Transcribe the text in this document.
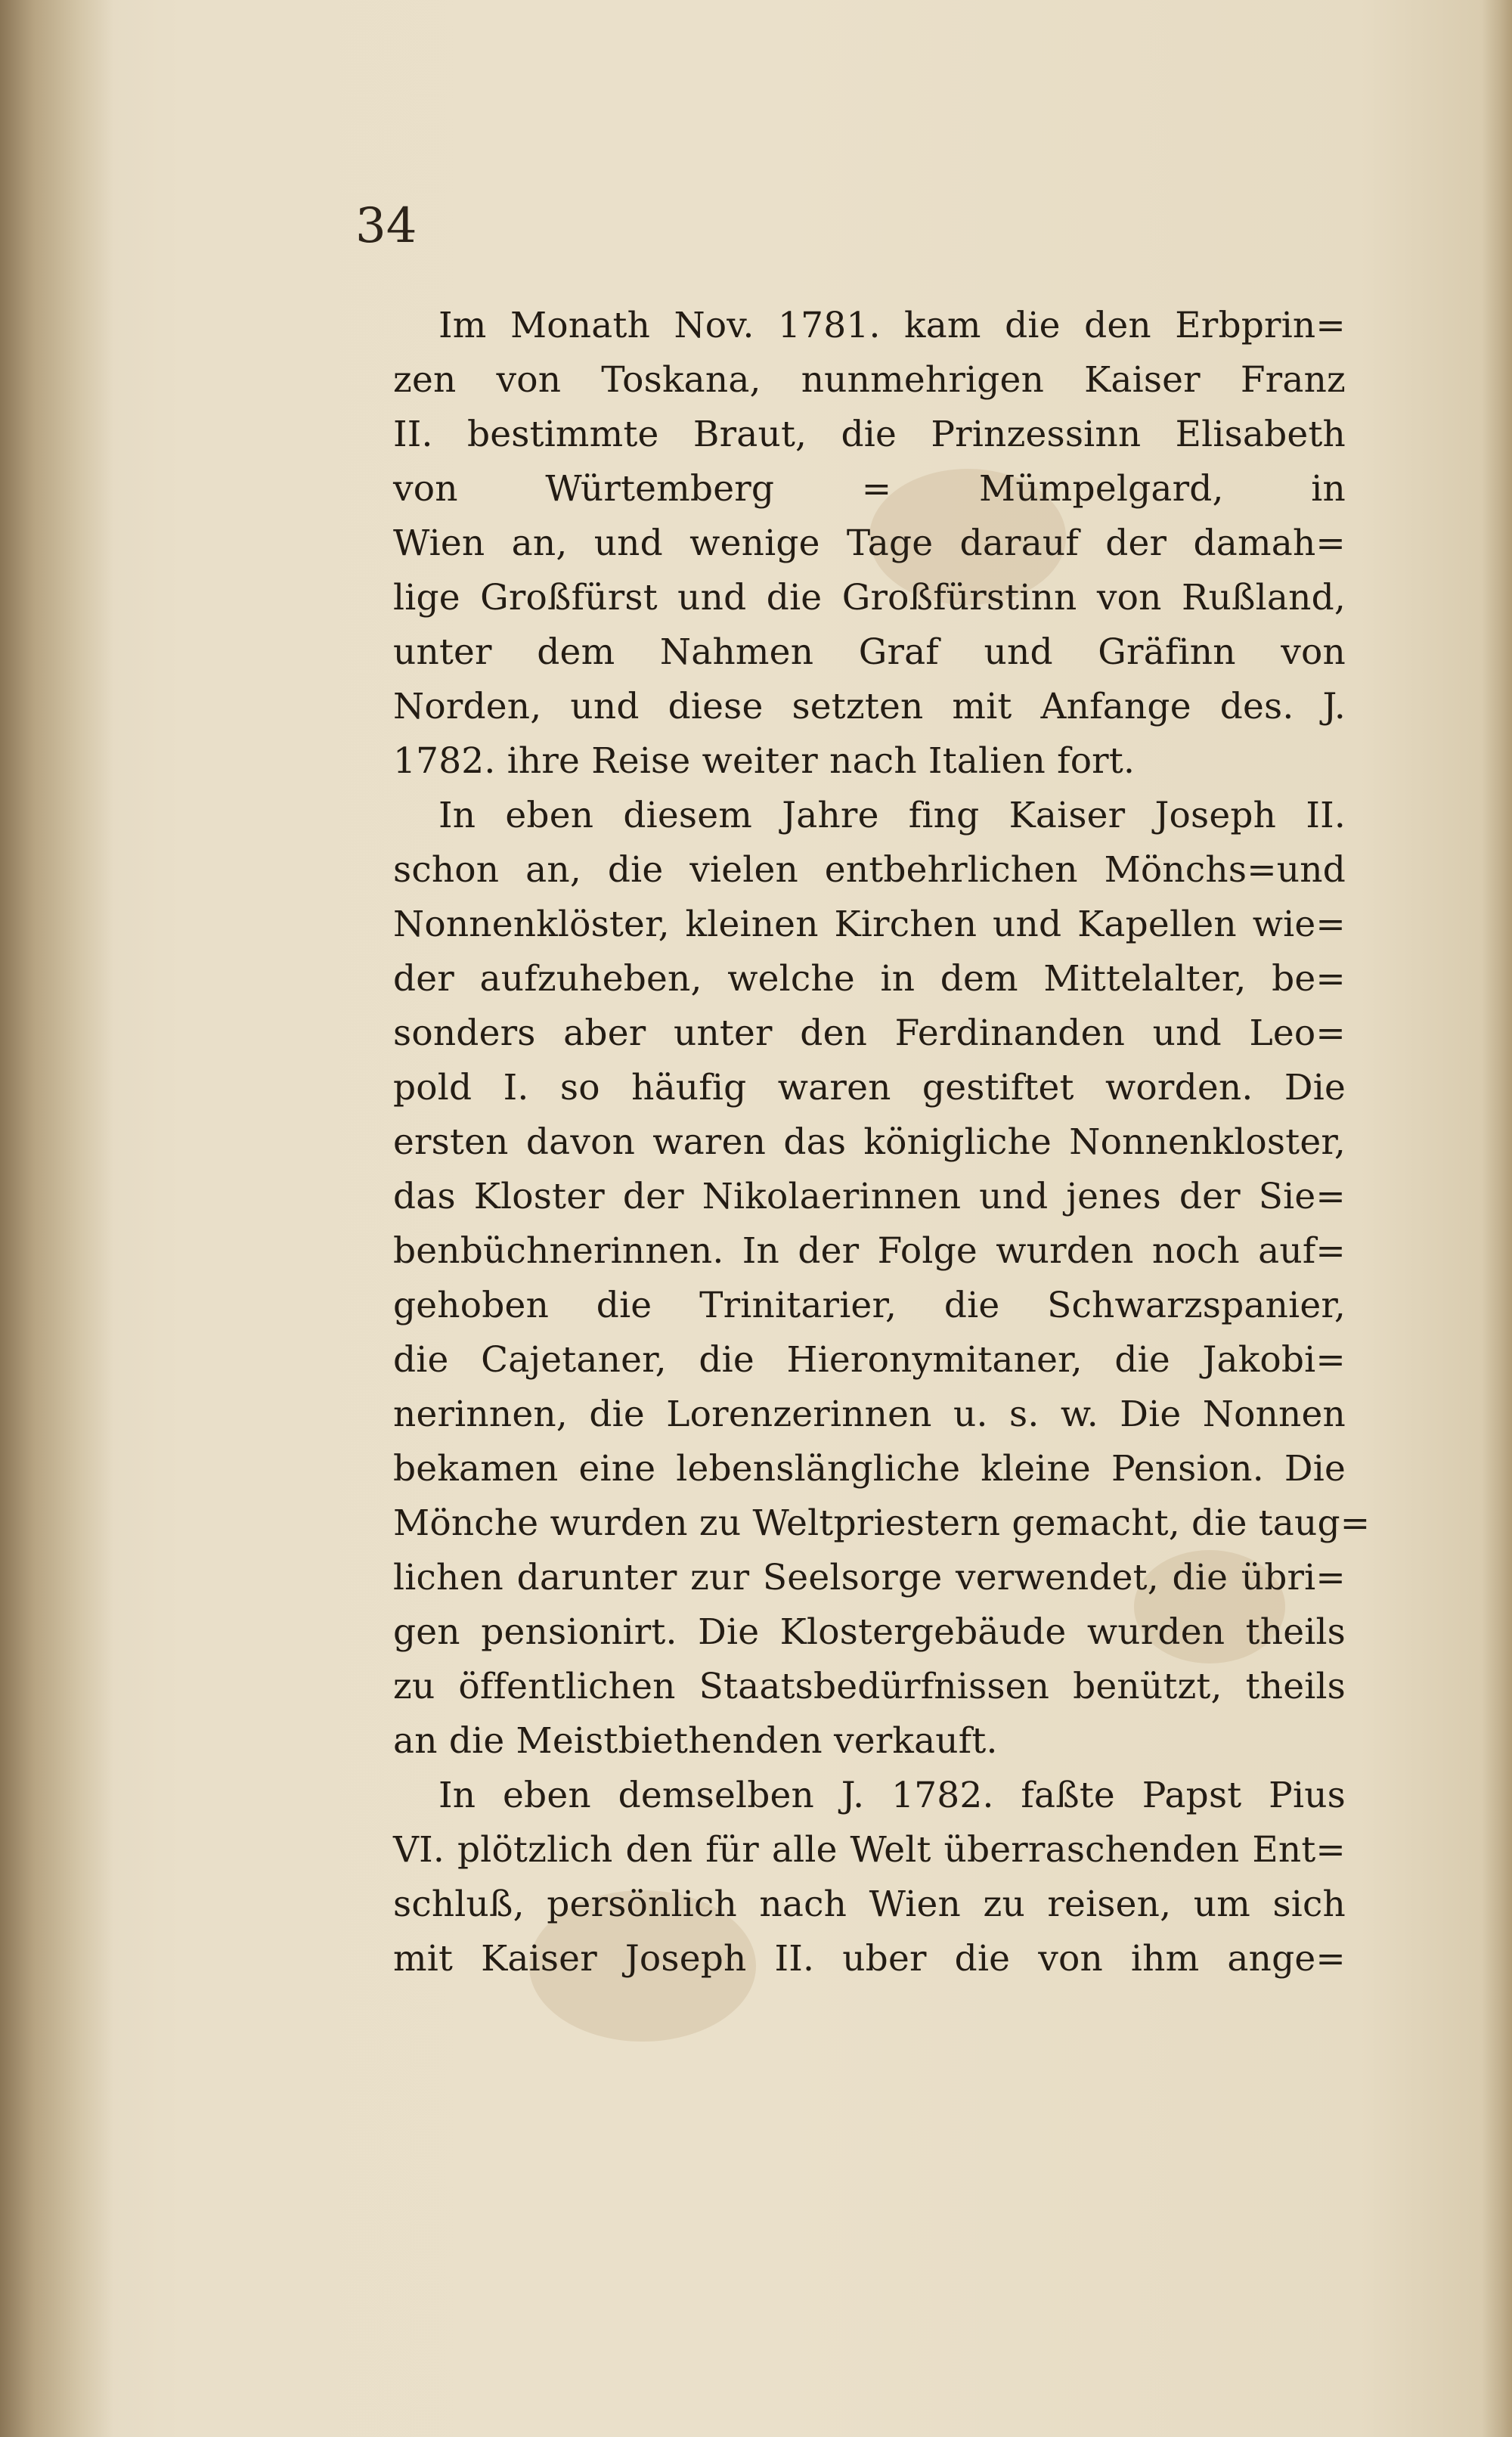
34
Im Monath Nov. 1781. kam die den Erbprin=
zen von Toskana, nunmehrigen Kaiser Franz
II. bestimmte Braut, die Prinzessinn Elisabeth
von Würtemberg = Mümpelgard, in
Wien an, und wenige Tage darauf der damah=
lige Großfürst und die Großfürstinn von Rußland,
unter dem Nahmen Graf und Gräfinn von
Norden, und diese setzten mit Anfange des. J.
1782. ihre Reise weiter nach Italien fort.
In eben diesem Jahre fing Kaiser Joseph II.
schon an, die vielen entbehrlichen Mönchs=und
Nonnenklöster, kleinen Kirchen und Kapellen wie=
der aufzuheben, welche in dem Mittelalter, be=
sonders aber unter den Ferdinanden und Leo=
pold I. so häufig waren gestiftet worden. Die
ersten davon waren das königliche Nonnenkloster,
das Kloster der Nikolaerinnen und jenes der Sie=
benbüchnerinnen. In der Folge wurden noch auf=
gehoben die Trinitarier, die Schwarzspanier,
die Cajetaner, die Hieronymitaner, die Jakobi=
nerinnen, die Lorenzerinnen u. s. w. Die Nonnen
bekamen eine lebenslängliche kleine Pension. Die
Mönche wurden zu Weltpriestern gemacht, die taug=
lichen darunter zur Seelsorge verwendet, die übri=
gen pensionirt. Die Klostergebäude wurden theils
zu öffentlichen Staatsbedürfnissen benützt, theils
an die Meistbiethenden verkauft.
In eben demselben J. 1782. faßte Papst Pius
VI. plötzlich den für alle Welt überraschenden Ent=
schluß, persönlich nach Wien zu reisen, um sich
mit Kaiser Joseph II. uber die von ihm ange=
